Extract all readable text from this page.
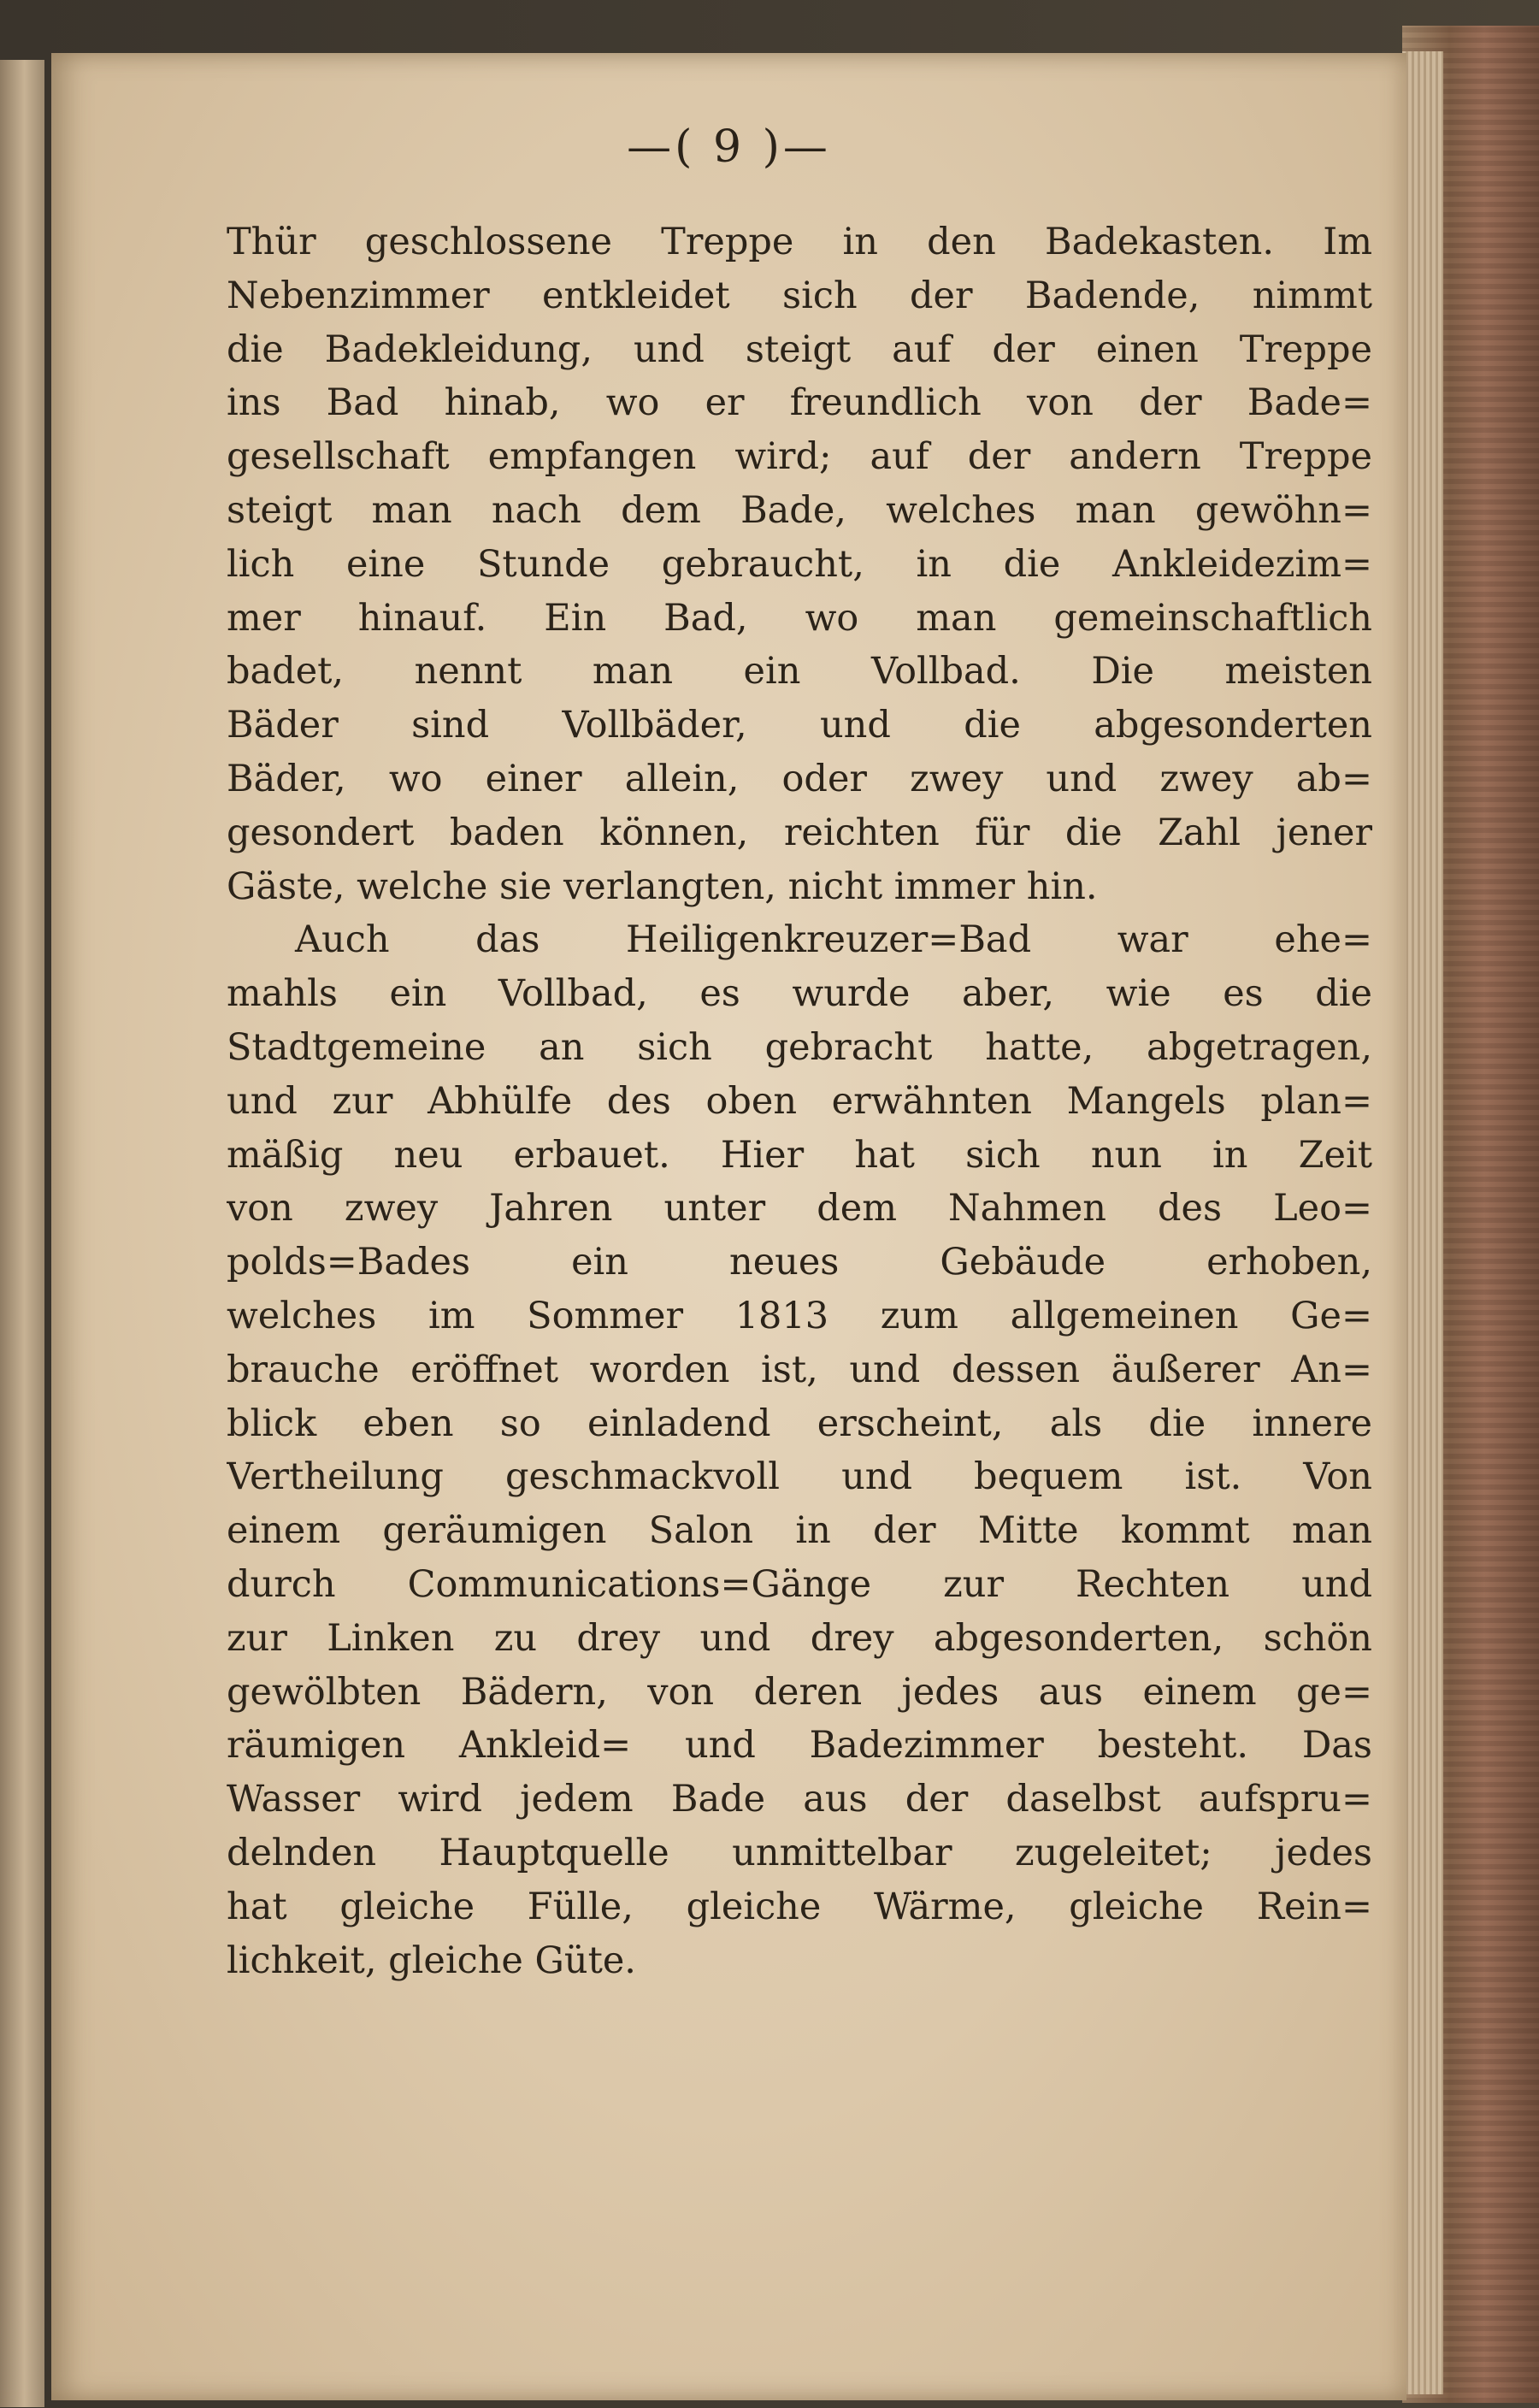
—( 9 )—
Thür geschlossene Treppe in den Badekasten. Im
Nebenzimmer entkleidet sich der Badende, nimmt
die Badekleidung, und steigt auf der einen Treppe
ins Bad hinab, wo er freundlich von der Bade=
gesellschaft empfangen wird; auf der andern Treppe
steigt man nach dem Bade, welches man gewöhn=
lich eine Stunde gebraucht, in die Ankleidezim=
mer hinauf. Ein Bad, wo man gemeinschaftlich
badet, nennt man ein Vollbad. Die meisten
Bäder sind Vollbäder, und die abgesonderten
Bäder, wo einer allein, oder zwey und zwey ab=
gesondert baden können, reichten für die Zahl jener
Gäste, welche sie verlangten, nicht immer hin.
Auch das Heiligenkreuzer=Bad war ehe=
mahls ein Vollbad, es wurde aber, wie es die
Stadtgemeine an sich gebracht hatte, abgetragen,
und zur Abhülfe des oben erwähnten Mangels plan=
mäßig neu erbauet. Hier hat sich nun in Zeit
von zwey Jahren unter dem Nahmen des Leo=
polds=Bades ein neues Gebäude erhoben,
welches im Sommer 1813 zum allgemeinen Ge=
brauche eröffnet worden ist, und dessen äußerer An=
blick eben so einladend erscheint, als die innere
Vertheilung geschmackvoll und bequem ist. Von
einem geräumigen Salon in der Mitte kommt man
durch Communications=Gänge zur Rechten und
zur Linken zu drey und drey abgesonderten, schön
gewölbten Bädern, von deren jedes aus einem ge=
räumigen Ankleid= und Badezimmer besteht. Das
Wasser wird jedem Bade aus der daselbst aufspru=
delnden Hauptquelle unmittelbar zugeleitet; jedes
hat gleiche Fülle, gleiche Wärme, gleiche Rein=
lichkeit, gleiche Güte.
